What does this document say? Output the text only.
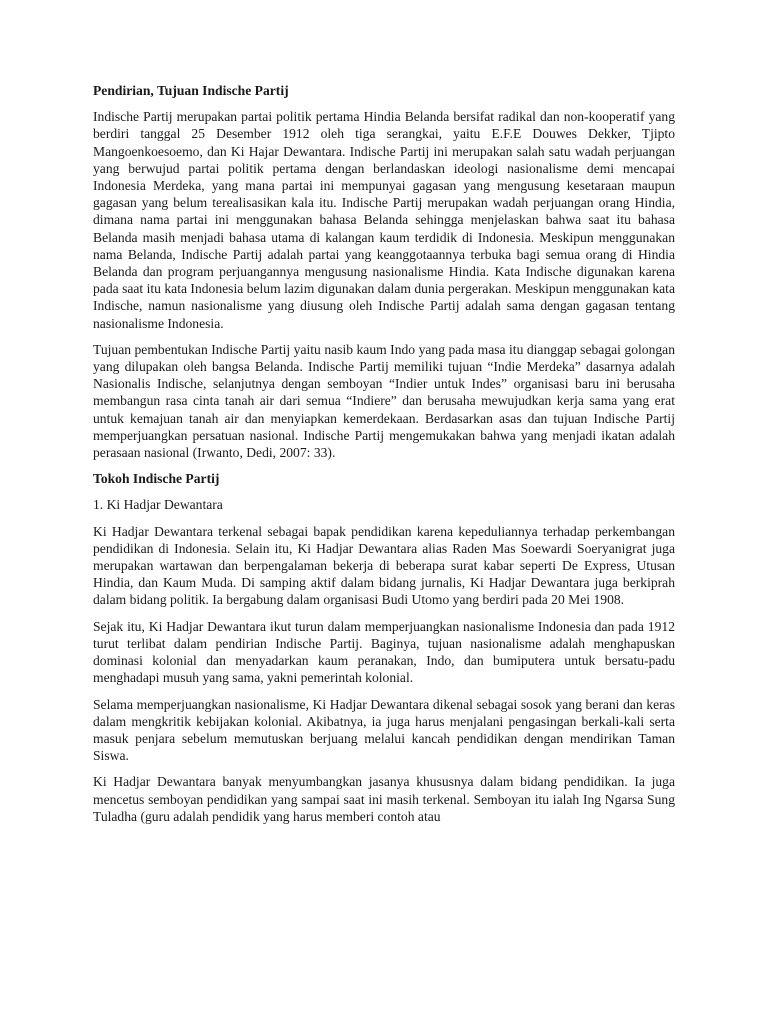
Pendirian, Tujuan Indische Partij
Indische Partij merupakan partai politik pertama Hindia Belanda bersifat radikal dan non-kooperatif yang berdiri tanggal 25 Desember 1912 oleh tiga serangkai, yaitu E.F.E Douwes Dekker, Tjipto Mangoenkoesoemo, dan Ki Hajar Dewantara. Indische Partij ini merupakan salah satu wadah perjuangan yang berwujud partai politik pertama dengan berlandaskan ideologi nasionalisme demi mencapai Indonesia Merdeka, yang mana partai ini mempunyai gagasan yang mengusung kesetaraan maupun gagasan yang belum terealisasikan kala itu. Indische Partij merupakan wadah perjuangan orang Hindia, dimana nama partai ini menggunakan bahasa Belanda sehingga menjelaskan bahwa saat itu bahasa Belanda masih menjadi bahasa utama di kalangan kaum terdidik di Indonesia. Meskipun menggunakan nama Belanda, Indische Partij adalah partai yang keanggotaannya terbuka bagi semua orang di Hindia Belanda dan program perjuangannya mengusung nasionalisme Hindia. Kata Indische digunakan karena pada saat itu kata Indonesia belum lazim digunakan dalam dunia pergerakan. Meskipun menggunakan kata Indische, namun nasionalisme yang diusung oleh Indische Partij adalah sama dengan gagasan tentang nasionalisme Indonesia.
Tujuan pembentukan Indische Partij yaitu nasib kaum Indo yang pada masa itu dianggap sebagai golongan yang dilupakan oleh bangsa Belanda. Indische Partij memiliki tujuan “Indie Merdeka” dasarnya adalah Nasionalis Indische, selanjutnya dengan semboyan “Indier untuk Indes” organisasi baru ini berusaha membangun rasa cinta tanah air dari semua “Indiere” dan berusaha mewujudkan kerja sama yang erat untuk kemajuan tanah air dan menyiapkan kemerdekaan. Berdasarkan asas dan tujuan Indische Partij memperjuangkan persatuan nasional. Indische Partij mengemukakan bahwa yang menjadi ikatan adalah perasaan nasional (Irwanto, Dedi, 2007: 33).
Tokoh Indische Partij
1. Ki Hadjar Dewantara
Ki Hadjar Dewantara terkenal sebagai bapak pendidikan karena kepeduliannya terhadap perkembangan pendidikan di Indonesia. Selain itu, Ki Hadjar Dewantara alias Raden Mas Soewardi Soeryanigrat juga merupakan wartawan dan berpengalaman bekerja di beberapa surat kabar seperti De Express, Utusan Hindia, dan Kaum Muda. Di samping aktif dalam bidang jurnalis, Ki Hadjar Dewantara juga berkiprah dalam bidang politik. Ia bergabung dalam organisasi Budi Utomo yang berdiri pada 20 Mei 1908.
Sejak itu, Ki Hadjar Dewantara ikut turun dalam memperjuangkan nasionalisme Indonesia dan pada 1912 turut terlibat dalam pendirian Indische Partij. Baginya, tujuan nasionalisme adalah menghapuskan dominasi kolonial dan menyadarkan kaum peranakan, Indo, dan bumiputera untuk bersatu-padu menghadapi musuh yang sama, yakni pemerintah kolonial.
Selama memperjuangkan nasionalisme, Ki Hadjar Dewantara dikenal sebagai sosok yang berani dan keras dalam mengkritik kebijakan kolonial. Akibatnya, ia juga harus menjalani pengasingan berkali-kali serta masuk penjara sebelum memutuskan berjuang melalui kancah pendidikan dengan mendirikan Taman Siswa.
Ki Hadjar Dewantara banyak menyumbangkan jasanya khususnya dalam bidang pendidikan. Ia juga mencetus semboyan pendidikan yang sampai saat ini masih terkenal. Semboyan itu ialah Ing Ngarsa Sung Tuladha (guru adalah pendidik yang harus memberi contoh atau
